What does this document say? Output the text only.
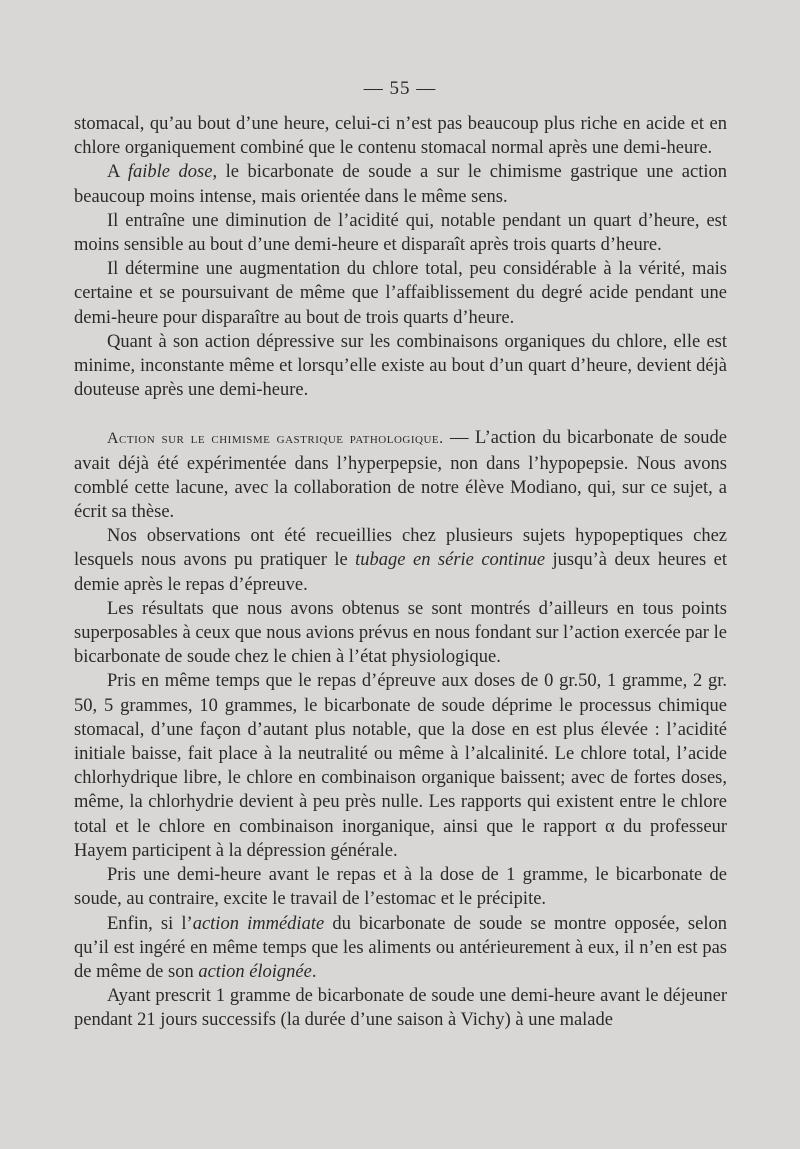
— 55 —

stomacal, qu’au bout d’une heure, celui-ci n’est pas beaucoup plus riche en acide et en chlore organiquement combiné que le contenu stomacal normal après une demi-heure.

A faible dose, le bicarbonate de soude a sur le chimisme gastrique une action beaucoup moins intense, mais orientée dans le même sens.

Il entraîne une diminution de l’acidité qui, notable pendant un quart d’heure, est moins sensible au bout d’une demi-heure et disparaît après trois quarts d’heure.

Il détermine une augmentation du chlore total, peu considérable à la vérité, mais certaine et se poursuivant de même que l’affaiblissement du degré acide pendant une demi-heure pour disparaître au bout de trois quarts d’heure.

Quant à son action dépressive sur les combinaisons organiques du chlore, elle est minime, inconstante même et lorsqu’elle existe au bout d’un quart d’heure, devient déjà douteuse après une demi-heure.

Action sur le chimisme gastrique pathologique. — L’action du bicarbonate de soude avait déjà été expérimentée dans l’hyperpepsie, non dans l’hypopepsie. Nous avons comblé cette lacune, avec la collaboration de notre élève Modiano, qui, sur ce sujet, a écrit sa thèse.

Nos observations ont été recueillies chez plusieurs sujets hypopeptiques chez lesquels nous avons pu pratiquer le tubage en série continue jusqu’à deux heures et demie après le repas d’épreuve.

Les résultats que nous avons obtenus se sont montrés d’ailleurs en tous points superposables à ceux que nous avions prévus en nous fondant sur l’action exercée par le bicarbonate de soude chez le chien à l’état physiologique.

Pris en même temps que le repas d’épreuve aux doses de 0 gr.50, 1 gramme, 2 gr. 50, 5 grammes, 10 grammes, le bicarbonate de soude déprime le processus chimique stomacal, d’une façon d’autant plus notable, que la dose en est plus élevée : l’acidité initiale baisse, fait place à la neutralité ou même à l’alcalinité. Le chlore total, l’acide chlorhydrique libre, le chlore en combinaison organique baissent; avec de fortes doses, même, la chlorhydrie devient à peu près nulle. Les rapports qui existent entre le chlore total et le chlore en combinaison inorganique, ainsi que le rapport α du professeur Hayem participent à la dépression générale.

Pris une demi-heure avant le repas et à la dose de 1 gramme, le bicarbonate de soude, au contraire, excite le travail de l’estomac et le précipite.

Enfin, si l’action immédiate du bicarbonate de soude se montre opposée, selon qu’il est ingéré en même temps que les aliments ou antérieurement à eux, il n’en est pas de même de son action éloignée.

Ayant prescrit 1 gramme de bicarbonate de soude une demi-heure avant le déjeuner pendant 21 jours successifs (la durée d’une saison à Vichy) à une malade
